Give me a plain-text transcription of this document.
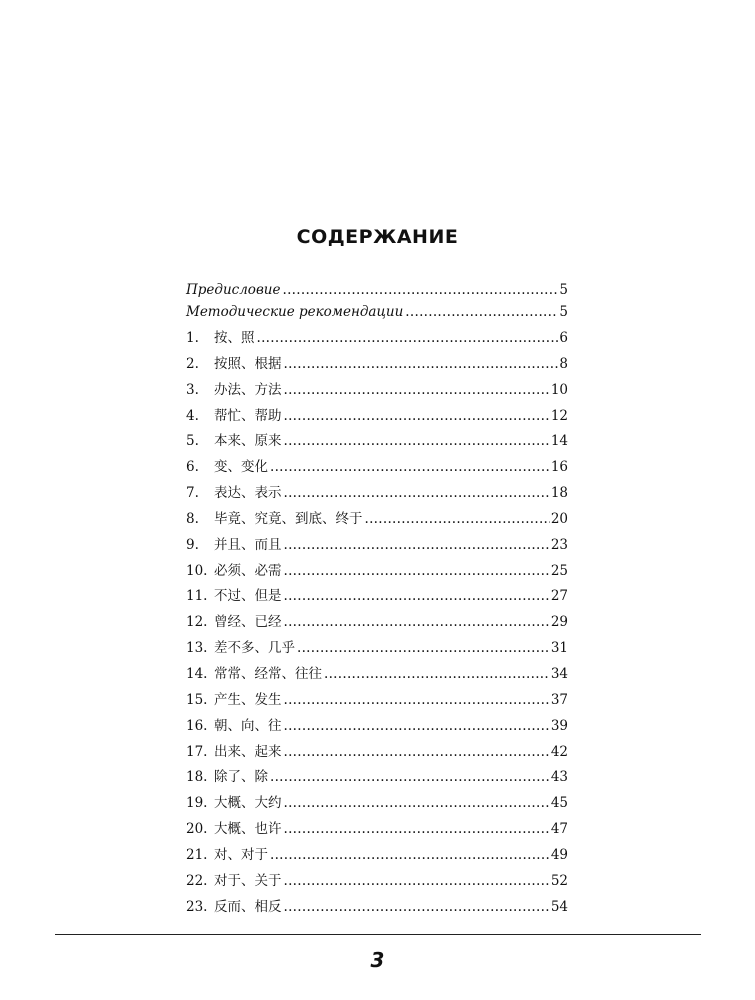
СОДЕРЖАНИЕ
Предисловие .....	5
Методические рекомендации .....	5
1.	按、照 .....	6
2.	按照、根据 .....	8
3.	办法、方法 .....	10
4.	帮忙、帮助 .....	12
5.	本来、原来 .....	14
6.	变、变化 .....	16
7.	表达、表示 .....	18
8.	毕竟、究竟、到底、终于 .....	20
9.	并且、而且 .....	23
10. 必须、必需 .....	25
11. 不过、但是 .....	27
12. 曾经、已经 .....	29
13. 差不多、几乎 .....	31
14. 常常、经常、往往 .....	34
15. 产生、发生 .....	37
16. 朝、向、往 .....	39
17. 出来、起来 .....	42
18. 除了、除 .....	43
19. 大概、大约 .....	45
20. 大概、也许 .....	47
21. 对、对于 .....	49
22. 对于、关于 .....	52
23. 反而、相反 .....	54
3
